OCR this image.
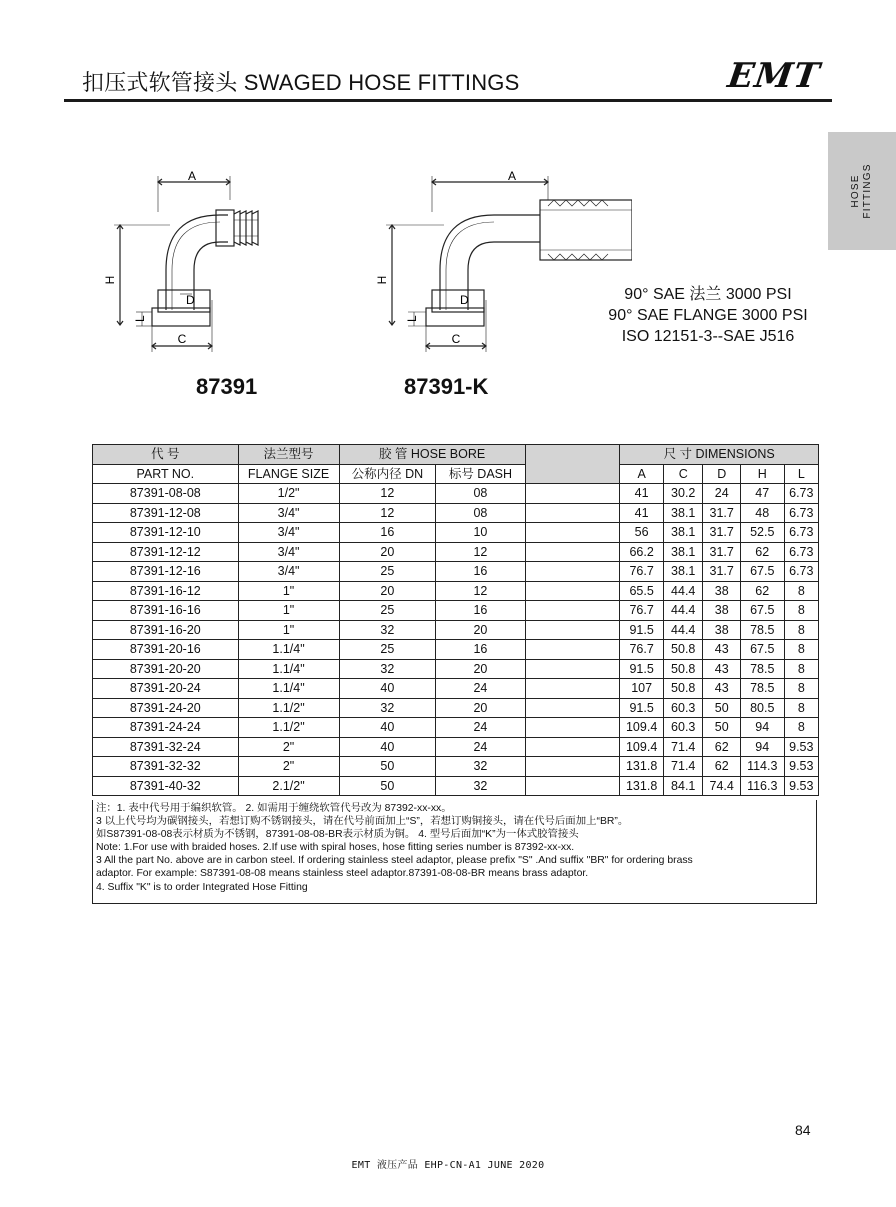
扣压式软管接头 SWAGED HOSE FITTINGS	EMT
HOSE
FITTINGS
A
H
D
L
C
87391
A
H
D
L
C
87391-K
90° SAE 法兰 3000 PSI
90° SAE FLANGE 3000 PSI
ISO 12151-3--SAE J516
代 号	法兰型号	胶 管 HOSE BORE			尺 寸 DIMENSIONS				
PART NO.	FLANGE SIZE	公称内径 DN	标号 DASH		A	C	D	H	L
87391-08-08	1/2"	12	08		41	30.2	24	47	6.73
87391-12-08	3/4"	12	08		41	38.1	31.7	48	6.73
87391-12-10	3/4"	16	10		56	38.1	31.7	52.5	6.73
87391-12-12	3/4"	20	12		66.2	38.1	31.7	62	6.73
87391-12-16	3/4"	25	16		76.7	38.1	31.7	67.5	6.73
87391-16-12	1"	20	12		65.5	44.4	38	62	8
87391-16-16	1"	25	16		76.7	44.4	38	67.5	8
87391-16-20	1"	32	20		91.5	44.4	38	78.5	8
87391-20-16	1.1/4"	25	16		76.7	50.8	43	67.5	8
87391-20-20	1.1/4"	32	20		91.5	50.8	43	78.5	8
87391-20-24	1.1/4"	40	24		107	50.8	43	78.5	8
87391-24-20	1.1/2"	32	20		91.5	60.3	50	80.5	8
87391-24-24	1.1/2"	40	24		109.4	60.3	50	94	8
87391-32-24	2"	40	24		109.4	71.4	62	94	9.53
87391-32-32	2"	50	32		131.8	71.4	62	114.3	9.53
87391-40-32	2.1/2"	50	32		131.8	84.1	74.4	116.3	9.53
注：1. 表中代号用于编织软管。 2. 如需用于缠绕软管代号改为 87392-xx-xx。
3 以上代号均为碳钢接头，若想订购不锈钢接头，请在代号前面加上“S”，若想订购铜接头，请在代号后面加上“BR”。
如S87391-08-08表示材质为不锈钢，87391-08-08-BR表示材质为铜。 4. 型号后面加“K”为一体式胶管接头
Note: 1.For use with braided hoses. 2.If use with spiral hoses, hose fitting series number is 87392-xx-xx.
3 All the part No. above are in carbon steel. If ordering stainless steel adaptor, please prefix "S" .And suffix "BR" for ordering brass
adaptor. For example: S87391-08-08 means stainless steel adaptor.87391-08-08-BR means brass adaptor.
4. Suffix "K" is to order Integrated Hose Fitting
84
EMT 液压产品 EHP-CN-A1 JUNE 2020
